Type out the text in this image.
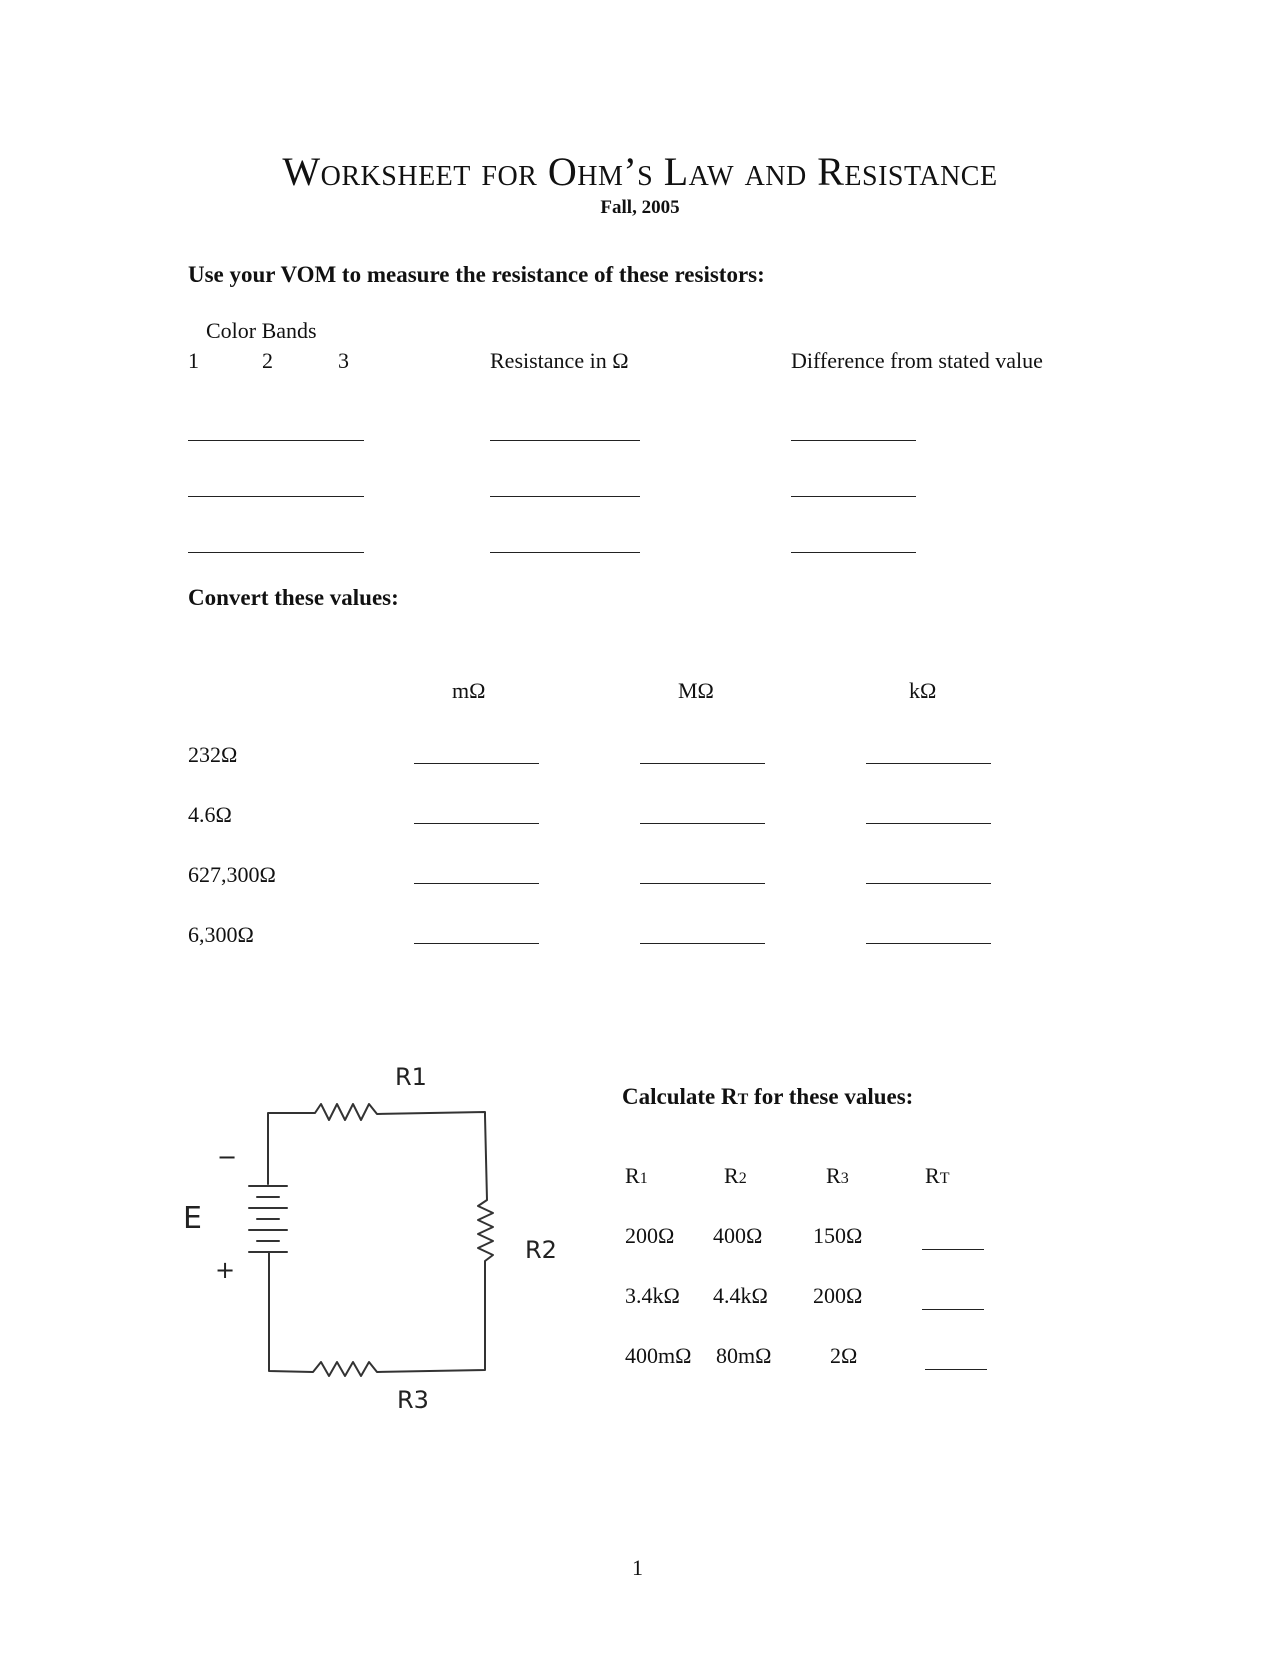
Worksheet for Ohm’s Law and Resistance
Fall, 2005
Use your VOM to measure the resistance of these resistors:
Color Bands
1	2	3	Resistance in Ω	Difference from stated value
Convert these values:
mΩ	MΩ	kΩ
232Ω
4.6Ω
627,300Ω
6,300Ω
R1
R2
R3
E
−
+
Calculate RT for these values:
R1	R2	R3	RT
200Ω 400Ω 150Ω
3.4kΩ 4.4kΩ 200Ω
400mΩ 80mΩ	2Ω
1
